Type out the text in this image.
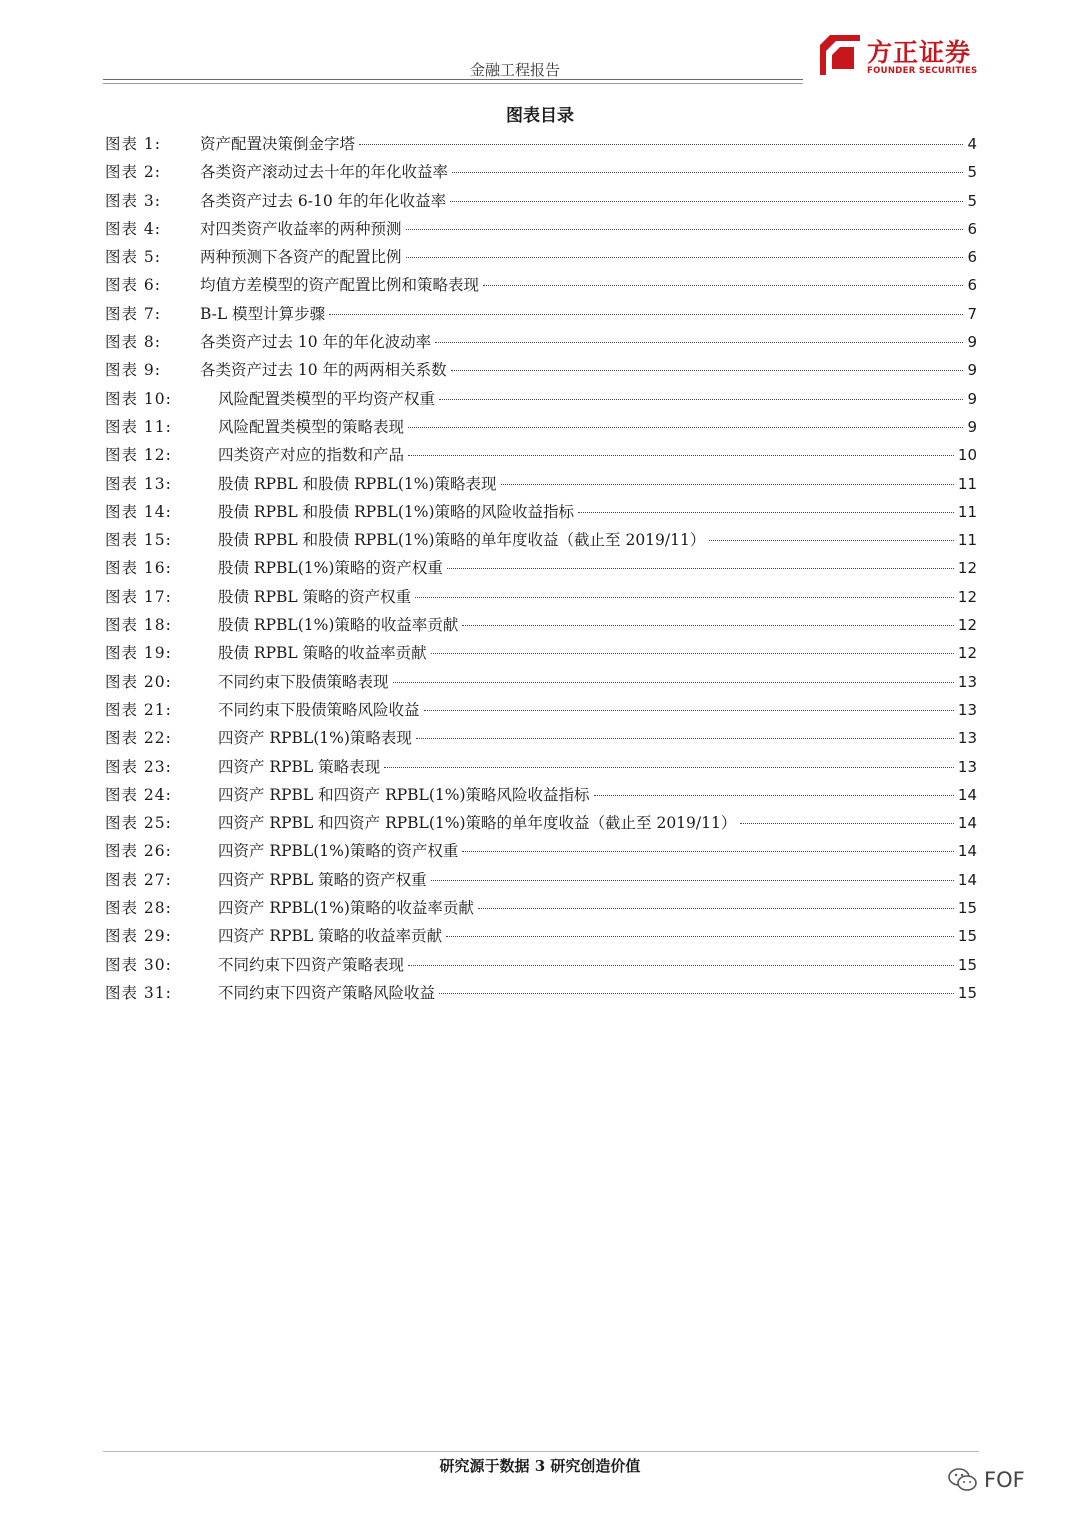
金融工程报告
方正证券
FOUNDER SECURITIES
图表目录
图表 1:	资产配置决策倒金字塔	4
图表 2:	各类资产滚动过去十年的年化收益率	5
图表 3:	各类资产过去 6-10 年的年化收益率	5
图表 4:	对四类资产收益率的两种预测	6
图表 5:	两种预测下各资产的配置比例	6
图表 6:	均值方差模型的资产配置比例和策略表现	6
图表 7:	B-L 模型计算步骤	7
图表 8:	各类资产过去 10 年的年化波动率	9
图表 9:	各类资产过去 10 年的两两相关系数	9
图表 10:	风险配置类模型的平均资产权重	9
图表 11:	风险配置类模型的策略表现	9
图表 12:	四类资产对应的指数和产品	10
图表 13:	股债 RPBL 和股债 RPBL(1%)策略表现	11
图表 14:	股债 RPBL 和股债 RPBL(1%)策略的风险收益指标	11
图表 15:	股债 RPBL 和股债 RPBL(1%)策略的单年度收益（截止至 2019/11）	11
图表 16:	股债 RPBL(1%)策略的资产权重	12
图表 17:	股债 RPBL 策略的资产权重	12
图表 18:	股债 RPBL(1%)策略的收益率贡献	12
图表 19:	股债 RPBL 策略的收益率贡献	12
图表 20:	不同约束下股债策略表现	13
图表 21:	不同约束下股债策略风险收益	13
图表 22:	四资产 RPBL(1%)策略表现	13
图表 23:	四资产 RPBL 策略表现	13
图表 24:	四资产 RPBL 和四资产 RPBL(1%)策略风险收益指标	14
图表 25:	四资产 RPBL 和四资产 RPBL(1%)策略的单年度收益（截止至 2019/11）	14
图表 26:	四资产 RPBL(1%)策略的资产权重	14
图表 27:	四资产 RPBL 策略的资产权重	14
图表 28:	四资产 RPBL(1%)策略的收益率贡献	15
图表 29:	四资产 RPBL 策略的收益率贡献	15
图表 30:	不同约束下四资产策略表现	15
图表 31:	不同约束下四资产策略风险收益	15
研究源于数据 3 研究创造价值
FOF
